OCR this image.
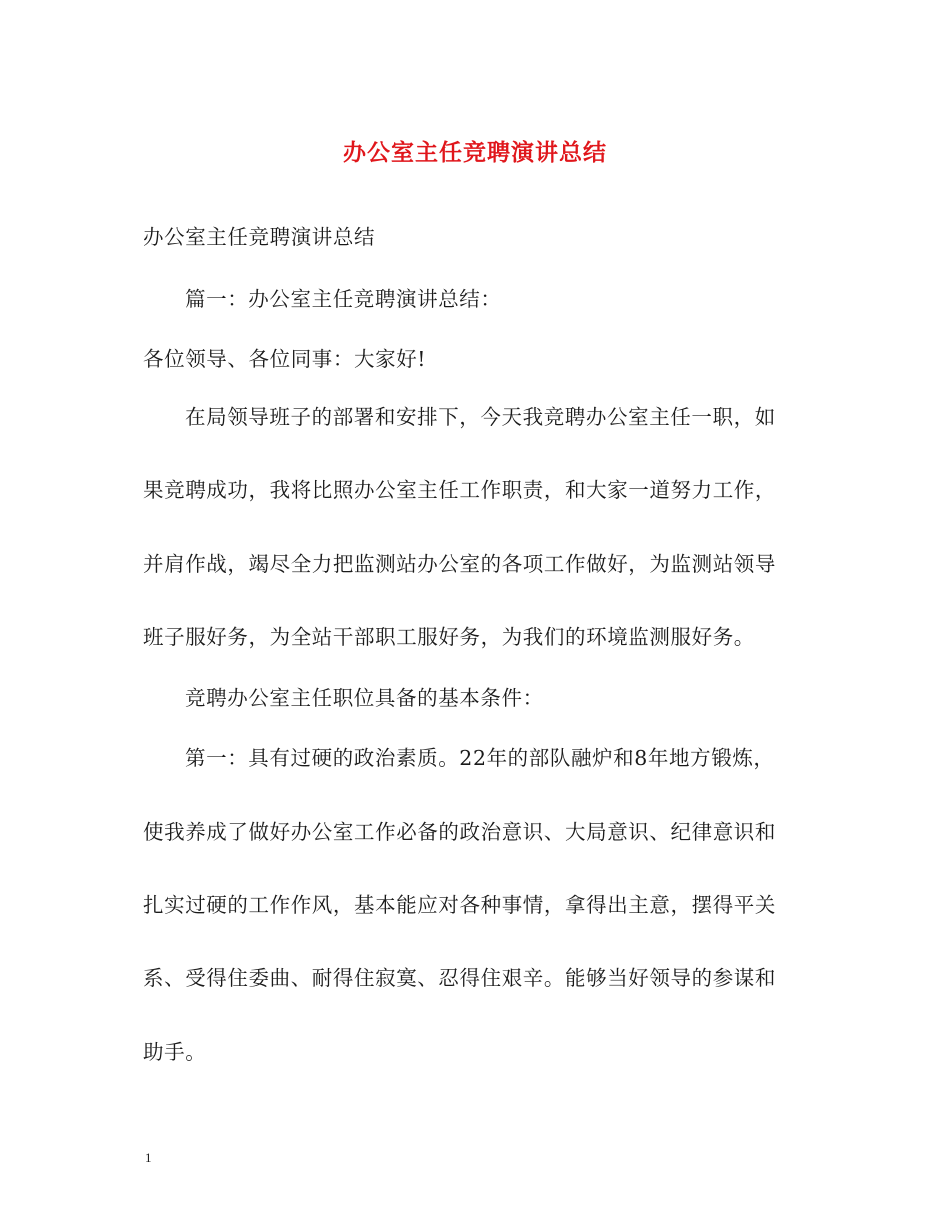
办公室主任竞聘演讲总结
办公室主任竞聘演讲总结
篇一：办公室主任竞聘演讲总结：
各位领导、各位同事：大家好!
在局领导班子的部署和安排下，今天我竞聘办公室主任一职，如
果竞聘成功，我将比照办公室主任工作职责，和大家一道努力工作，
并肩作战，竭尽全力把监测站办公室的各项工作做好，为监测站领导
班子服好务，为全站干部职工服好务，为我们的环境监测服好务。
竞聘办公室主任职位具备的基本条件：
第一：具有过硬的政治素质。22年的部队融炉和8年地方锻炼，
使我养成了做好办公室工作必备的政治意识、大局意识、纪律意识和
扎实过硬的工作作风，基本能应对各种事情，拿得出主意，摆得平关
系、受得住委曲、耐得住寂寞、忍得住艰辛。能够当好领导的参谋和
助手。
1
